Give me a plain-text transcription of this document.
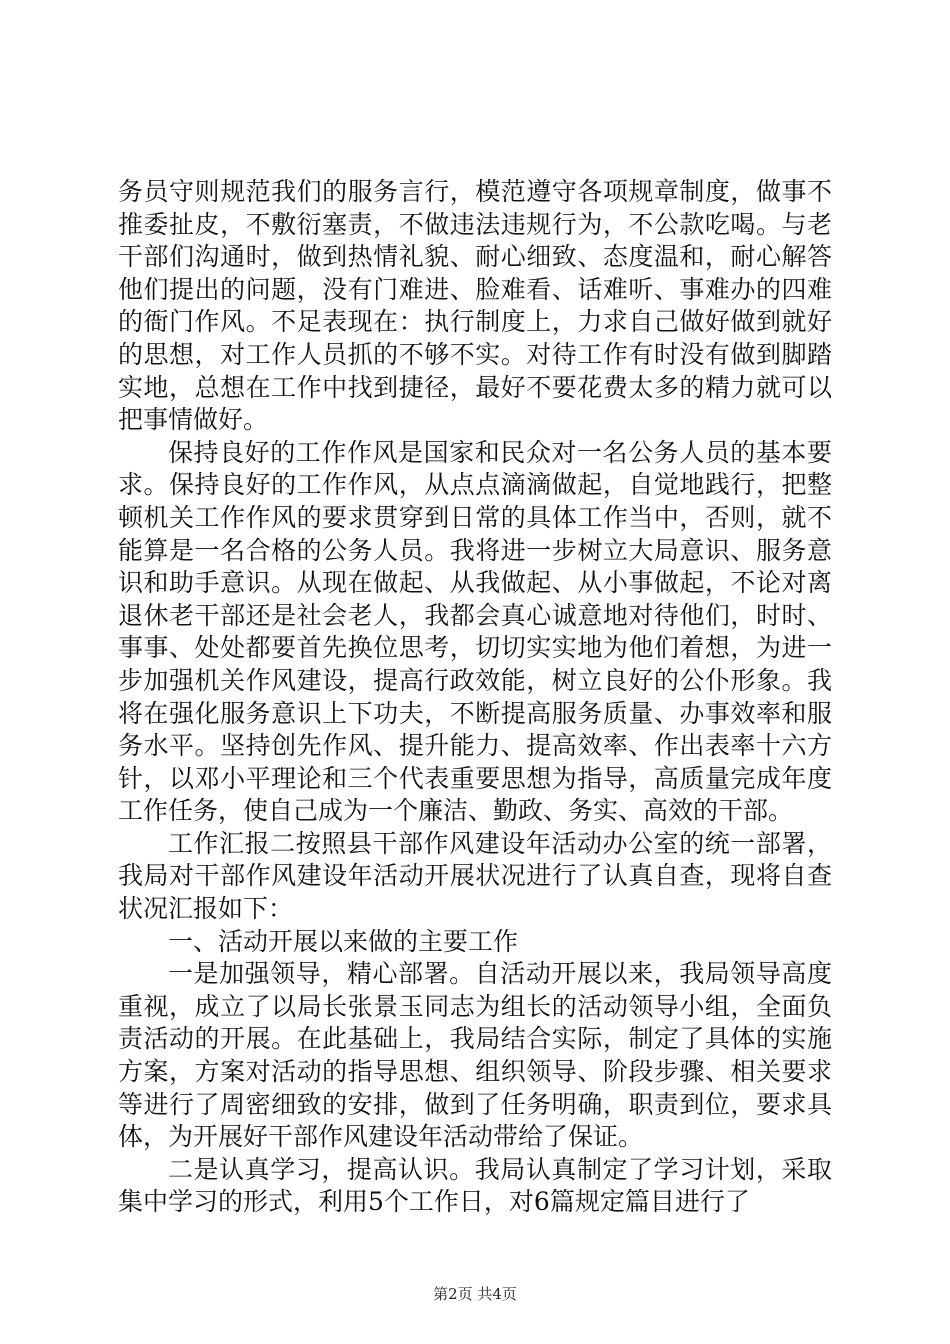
务员守则规范我们的服务言行，模范遵守各项规章制度，做事不推委扯皮，不敷衍塞责，不做违法违规行为，不公款吃喝。与老干部们沟通时，做到热情礼貌、耐心细致、态度温和，耐心解答他们提出的问题，没有门难进、脸难看、话难听、事难办的四难的衙门作风。不足表现在：执行制度上，力求自己做好做到就好的思想，对工作人员抓的不够不实。对待工作有时没有做到脚踏实地，总想在工作中找到捷径，最好不要花费太多的精力就可以把事情做好。

保持良好的工作作风是国家和民众对一名公务人员的基本要求。保持良好的工作作风，从点点滴滴做起，自觉地践行，把整顿机关工作作风的要求贯穿到日常的具体工作当中，否则，就不能算是一名合格的公务人员。我将进一步树立大局意识、服务意识和助手意识。从现在做起、从我做起、从小事做起，不论对离退休老干部还是社会老人，我都会真心诚意地对待他们，时时、事事、处处都要首先换位思考，切切实实地为他们着想，为进一步加强机关作风建设，提高行政效能，树立良好的公仆形象。我将在强化服务意识上下功夫，不断提高服务质量、办事效率和服务水平。坚持创先作风、提升能力、提高效率、作出表率十六方针，以邓小平理论和三个代表重要思想为指导，高质量完成年度工作任务，使自己成为一个廉洁、勤政、务实、高效的干部。

工作汇报二按照县干部作风建设年活动办公室的统一部署，我局对干部作风建设年活动开展状况进行了认真自查，现将自查状况汇报如下：

一、活动开展以来做的主要工作

一是加强领导，精心部署。自活动开展以来，我局领导高度重视，成立了以局长张景玉同志为组长的活动领导小组，全面负责活动的开展。在此基础上，我局结合实际，制定了具体的实施方案，方案对活动的指导思想、组织领导、阶段步骤、相关要求等进行了周密细致的安排，做到了任务明确，职责到位，要求具体，为开展好干部作风建设年活动带给了保证。

二是认真学习，提高认识。我局认真制定了学习计划，采取集中学习的形式，利用5个工作日，对6篇规定篇目进行了

第2页 共4页
